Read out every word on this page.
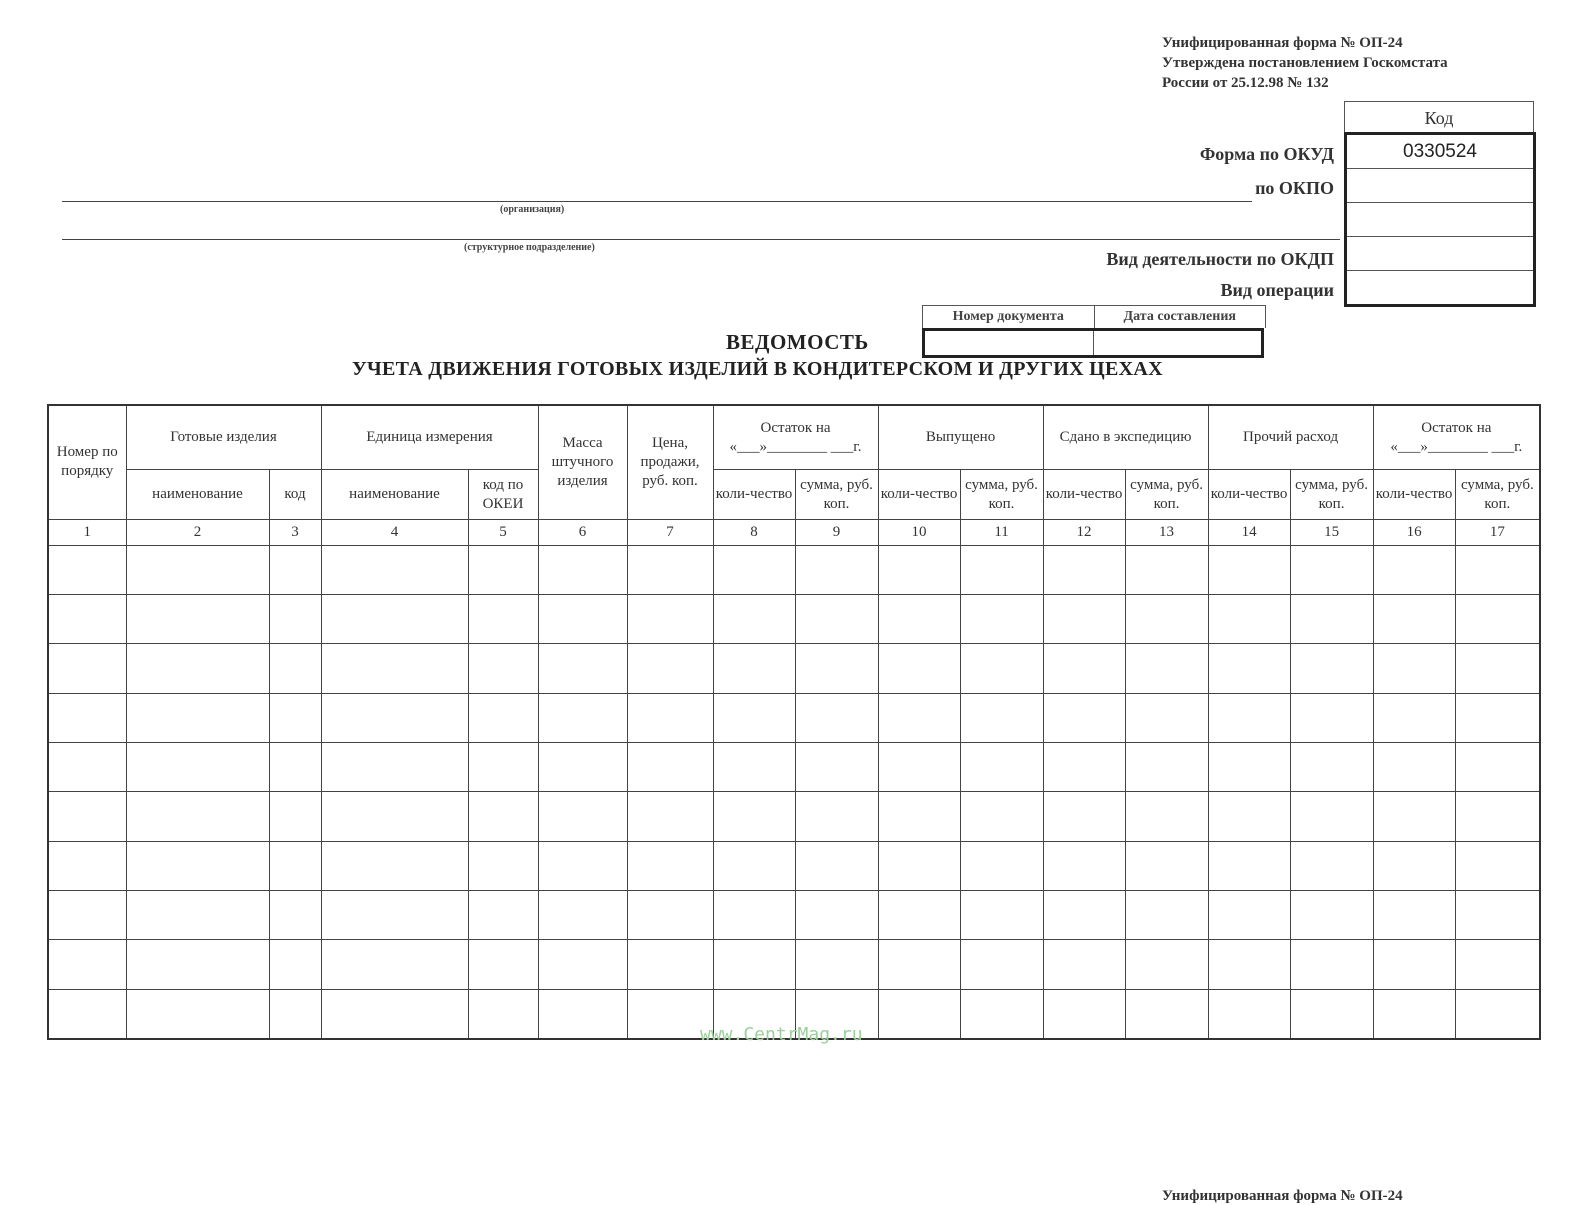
Унифицированная форма № ОП-24
Утверждена постановлением Госкомстата
России от 25.12.98 № 132
Код
0330524
Форма по ОКУД
по ОКПО
Вид деятельности по ОКДП
Вид операции
(организация)
(структурное подразделение)
Номер документа	Дата составления
ВЕДОМОСТЬ
УЧЕТА ДВИЖЕНИЯ ГОТОВЫХ ИЗДЕЛИЙ В КОНДИТЕРСКОМ И ДРУГИХ ЦЕХАХ
Номер по порядку	Готовые изделия		Единица измерения		Масса штучного изделия	Цена, продажи, руб. коп.	Остаток на «___»________ ___г.		Выпущено		Сдано в экспедицию		Прочий расход		Остаток на «___»________ ___г.	
	наименование	код	наименование	код по ОКЕИ			коли-чество	сумма, руб. коп.	коли-чество	сумма, руб. коп.	коли-чество	сумма, руб. коп.	коли-чество	сумма, руб. коп.	коли-чество	сумма, руб. коп.
1	2	3	4	5	6	7	8	9	10	11	12	13	14	15	16	17

www.CentrMag.ru
Унифицированная форма № ОП-24
